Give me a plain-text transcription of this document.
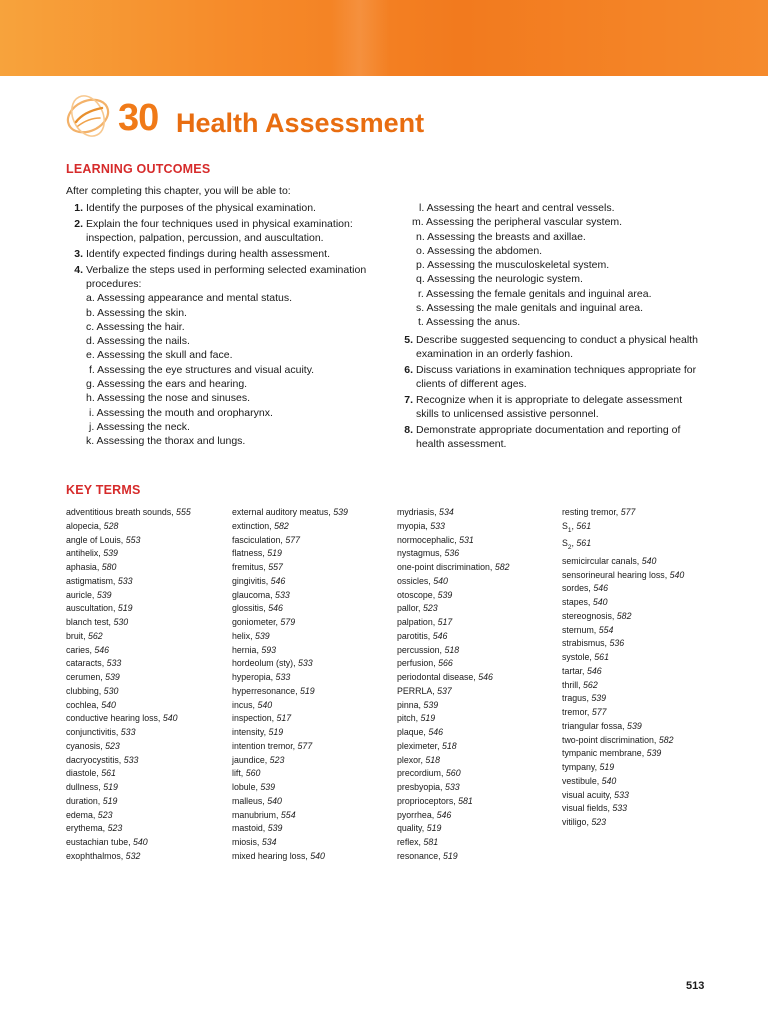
30 Health Assessment
LEARNING OUTCOMES
After completing this chapter, you will be able to:
1. Identify the purposes of the physical examination.
2. Explain the four techniques used in physical examination: inspection, palpation, percussion, and auscultation.
3. Identify expected findings during health assessment.
4. Verbalize the steps used in performing selected examination procedures:
a. Assessing appearance and mental status.
b. Assessing the skin.
c. Assessing the hair.
d. Assessing the nails.
e. Assessing the skull and face.
f. Assessing the eye structures and visual acuity.
g. Assessing the ears and hearing.
h. Assessing the nose and sinuses.
i. Assessing the mouth and oropharynx.
j. Assessing the neck.
k. Assessing the thorax and lungs.
l. Assessing the heart and central vessels.
m. Assessing the peripheral vascular system.
n. Assessing the breasts and axillae.
o. Assessing the abdomen.
p. Assessing the musculoskeletal system.
q. Assessing the neurologic system.
r. Assessing the female genitals and inguinal area.
s. Assessing the male genitals and inguinal area.
t. Assessing the anus.
5. Describe suggested sequencing to conduct a physical health examination in an orderly fashion.
6. Discuss variations in examination techniques appropriate for clients of different ages.
7. Recognize when it is appropriate to delegate assessment skills to unlicensed assistive personnel.
8. Demonstrate appropriate documentation and reporting of health assessment.
KEY TERMS
adventitious breath sounds, 555
alopecia, 528
angle of Louis, 553
antihelix, 539
aphasia, 580
astigmatism, 533
auricle, 539
auscultation, 519
blanch test, 530
bruit, 562
caries, 546
cataracts, 533
cerumen, 539
clubbing, 530
cochlea, 540
conductive hearing loss, 540
conjunctivitis, 533
cyanosis, 523
dacryocystitis, 533
diastole, 561
dullness, 519
duration, 519
edema, 523
erythema, 523
eustachian tube, 540
exophthalmos, 532
external auditory meatus, 539
extinction, 582
fasciculation, 577
flatness, 519
fremitus, 557
gingivitis, 546
glaucoma, 533
glossitis, 546
goniometer, 579
helix, 539
hernia, 593
hordeolum (sty), 533
hyperopia, 533
hyperresonance, 519
incus, 540
inspection, 517
intensity, 519
intention tremor, 577
jaundice, 523
lift, 560
lobule, 539
malleus, 540
manubrium, 554
mastoid, 539
miosis, 534
mixed hearing loss, 540
mydriasis, 534
myopia, 533
normocephalic, 531
nystagmus, 536
one-point discrimination, 582
ossicles, 540
otoscope, 539
pallor, 523
palpation, 517
parotitis, 546
percussion, 518
perfusion, 566
periodontal disease, 546
PERRLA, 537
pinna, 539
pitch, 519
plaque, 546
pleximeter, 518
plexor, 518
precordium, 560
presbyopia, 533
proprioceptors, 581
pyorrhea, 546
quality, 519
reflex, 581
resonance, 519
resting tremor, 577
$S_1$, 561
$S_2$, 561
semicircular canals, 540
sensorineural hearing loss, 540
sordes, 546
stapes, 540
stereognosis, 582
sternum, 554
strabismus, 536
systole, 561
tartar, 546
thrill, 562
tragus, 539
tremor, 577
triangular fossa, 539
two-point discrimination, 582
tympanic membrane, 539
tympany, 519
vestibule, 540
visual acuity, 533
visual fields, 533
vitiligo, 523
513
